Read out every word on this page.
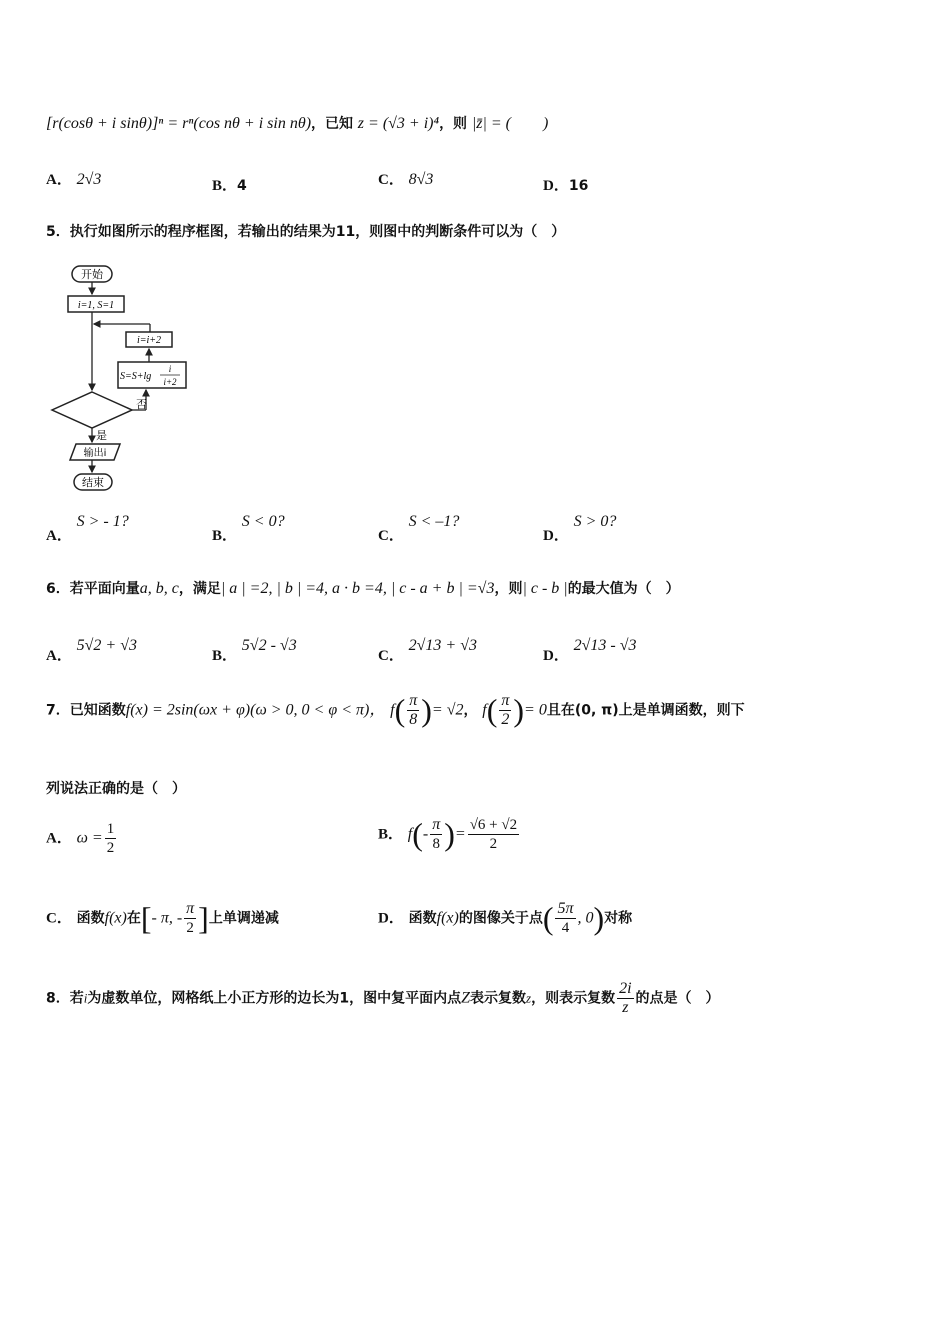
[r(cosθ + i sinθ)]ⁿ = rⁿ(cos nθ + i sin nθ)，已知 z = (√3 + i)⁴，则 |z̄| = (　　)
A． 2√3	B．4	C． 8√3	D．16
5．执行如图所示的程序框图，若输出的结果为11，则图中的判断条件可以为（　）
开始
i=1, S=1
i=i+2
S=S+lg
i
i+2
否
是
输出i
结束
A． S > - 1?
B． S < 0?
C． S < –1?
D． S > 0?
6．若平面向量a, b, c，满足| a | =2, | b | =4, a · b =4, | c - a + b | =√3，则| c - b |的最大值为（　）
A． 5√2 + √3
B． 5√2 - √3
C． 2√13 + √3
D． 2√13 - √3
7．已知函数f(x) = 2sin(ωx + φ)(ω > 0, 0 < φ < π)， $f( \frac{\pi}{8}$ )= √2， $f( \frac{\pi}{2}$ )= 0且在(0, π)上是单调函数，则下
列说法正确的是（　）
A． $\omega = \frac{1}{2}$	B． $f(- \frac{\pi}{8}$ )= $\frac{√6 + √2}{2}$
C． 函数f(x)在[- π, - $\frac{\pi}{2}$ ]上单调递减	D． 函数f(x)的图像关于点( $\frac{5\pi}{4}$ , 0)对称
8．若i为虚数单位，网格纸上小正方形的边长为1，图中复平面内点Z表示复数z，则表示复数 $\frac{2i}{z}$ 的点是（　）
